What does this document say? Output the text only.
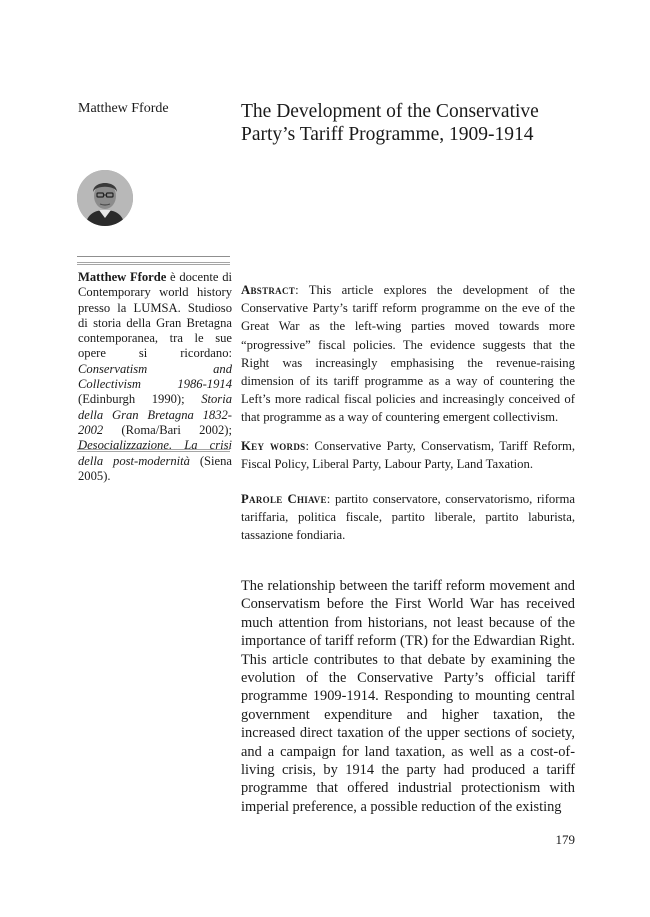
Matthew Fforde	The Development of the Conservative
Party’s Tariff Programme, 1909-1914
Matthew Fforde è docente di Contemporary world history presso la LUMSA. Studioso di storia della Gran Bretagna contemporanea, tra le sue opere si ricordano: Conservatism and Collectivism 1986-1914 (Edinburgh 1990); Storia della Gran Bretagna 1832-2002 (Roma/Bari 2002); Desocializzazione. La crisi della post-modernità (Siena 2005).
Abstract: This article explores the development of the Conservative Party’s tariff reform programme on the eve of the Great War as the left-wing parties moved towards more “progressive” fiscal policies. The evidence suggests that the Right was increasingly emphasising the revenue-raising dimension of its tariff programme as a way of countering the Left’s more radical fiscal policies and increasingly conceived of that programme as a way of countering emergent collectivism.
Key words: Conservative Party, Conservatism, Tariff Reform, Fiscal Policy, Liberal Party, Labour Party, Land Taxation.
Parole Chiave: partito conservatore, conservatorismo, riforma tariffaria, politica fiscale, partito liberale, partito laburista, tassazione fondiaria.

The relationship between the tariff reform movement and Conservatism before the First World War has received much attention from historians, not least because of the importance of tariff reform (TR) for the Edwardian Right. This article contributes to that debate by examining the evolution of the Conservative Party’s official tariff programme 1909-1914. Responding to mounting central government expenditure and higher taxation, the increased direct taxation of the upper sections of society, and a campaign for land taxation, as well as a cost-of-living crisis, by 1914 the party had produced a tariff programme that offered industrial protectionism with imperial preference, a possible reduction of the existing

179
